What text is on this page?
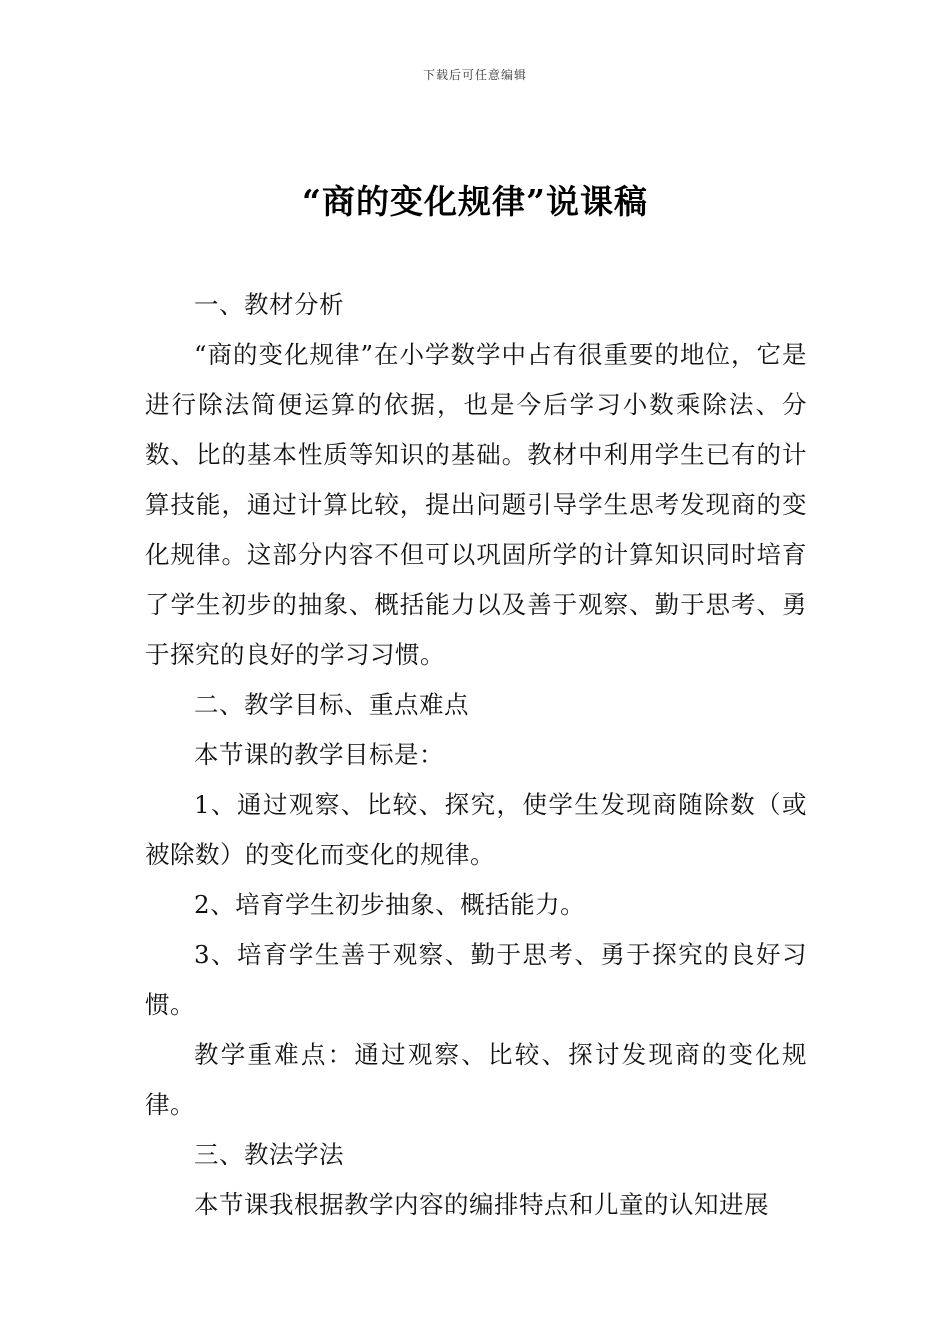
下载后可任意编辑
“商的变化规律”说课稿

一、教材分析

“商的变化规律”在小学数学中占有很重要的地位，它是进行除法简便运算的依据，也是今后学习小数乘除法、分数、比的基本性质等知识的基础。教材中利用学生已有的计算技能，通过计算比较，提出问题引导学生思考发现商的变化规律。这部分内容不但可以巩固所学的计算知识同时培育了学生初步的抽象、概括能力以及善于观察、勤于思考、勇于探究的良好的学习习惯。

二、教学目标、重点难点

本节课的教学目标是：

1、通过观察、比较、探究，使学生发现商随除数（或被除数）的变化而变化的规律。

2、培育学生初步抽象、概括能力。

3、培育学生善于观察、勤于思考、勇于探究的良好习惯。

教学重难点：通过观察、比较、探讨发现商的变化规律。

三、教法学法

本节课我根据教学内容的编排特点和儿童的认知进展
